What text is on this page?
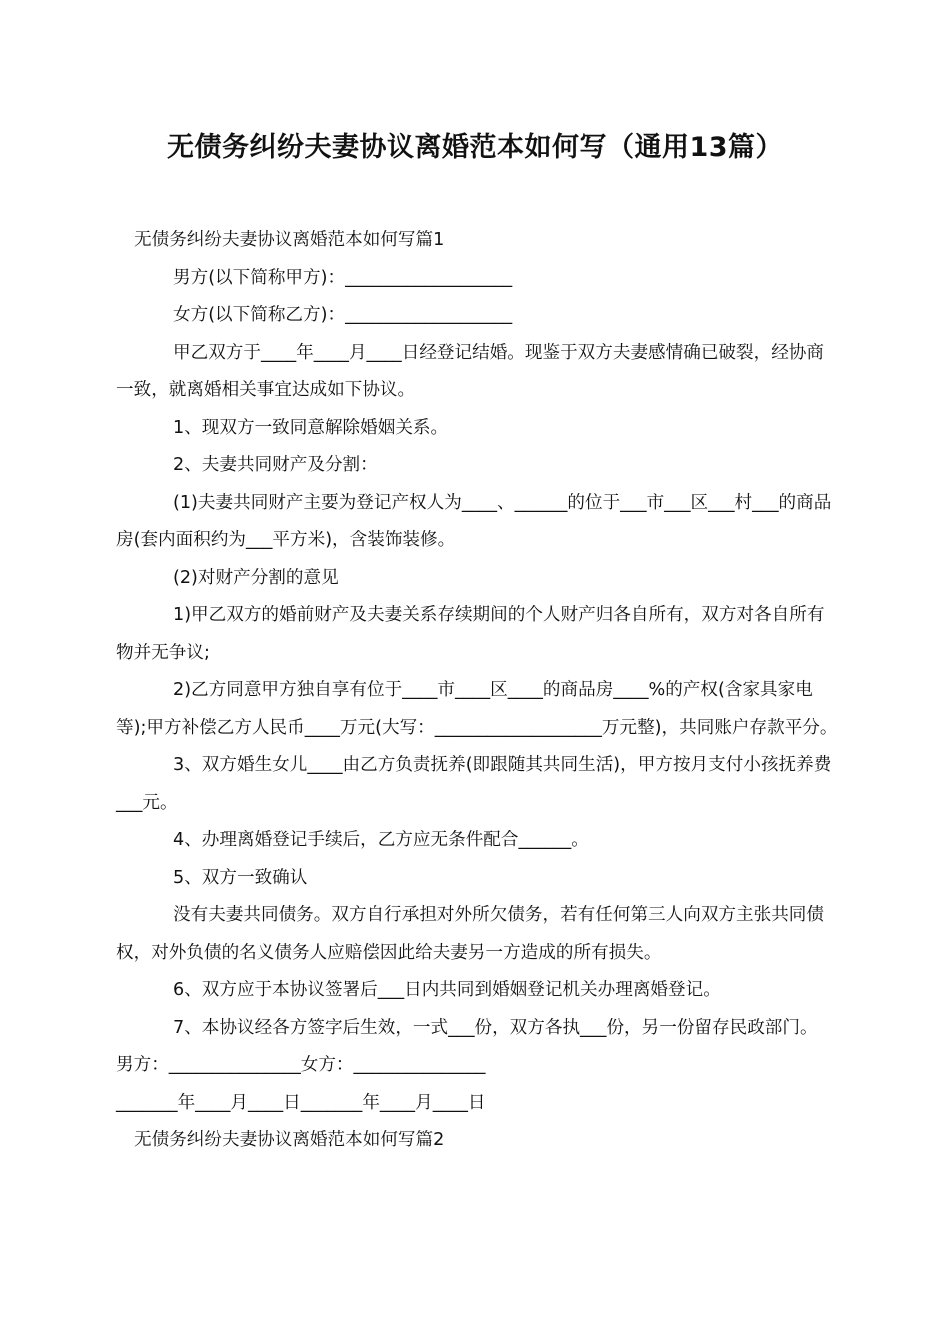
无债务纠纷夫妻协议离婚范本如何写（通用13篇）

无债务纠纷夫妻协议离婚范本如何写篇1

男方(以下简称甲方)：___________________

女方(以下简称乙方)：___________________

甲乙双方于____年____月____日经登记结婚。现鉴于双方夫妻感情确已破裂，经协商一致，就离婚相关事宜达成如下协议。

1、现双方一致同意解除婚姻关系。

2、夫妻共同财产及分割：

(1)夫妻共同财产主要为登记产权人为____、______的位于___市___区___村___的商品房(套内面积约为___平方米)，含装饰装修。

(2)对财产分割的意见

1)甲乙双方的婚前财产及夫妻关系存续期间的个人财产归各自所有，双方对各自所有物并无争议;

2)乙方同意甲方独自享有位于____市____区____的商品房____%的产权(含家具家电等);甲方补偿乙方人民币____万元(大写：___________________万元整)，共同账户存款平分。

3、双方婚生女儿____由乙方负责抚养(即跟随其共同生活)，甲方按月支付小孩抚养费___元。

4、办理离婚登记手续后，乙方应无条件配合______。

5、双方一致确认

没有夫妻共同债务。双方自行承担对外所欠债务，若有任何第三人向双方主张共同债权，对外负债的名义债务人应赔偿因此给夫妻另一方造成的所有损失。

6、双方应于本协议签署后___日内共同到婚姻登记机关办理离婚登记。

7、本协议经各方签字后生效，一式___份，双方各执___份，另一份留存民政部门。

男方：_______________女方：_______________

_______年____月____日_______年____月____日

无债务纠纷夫妻协议离婚范本如何写篇2
